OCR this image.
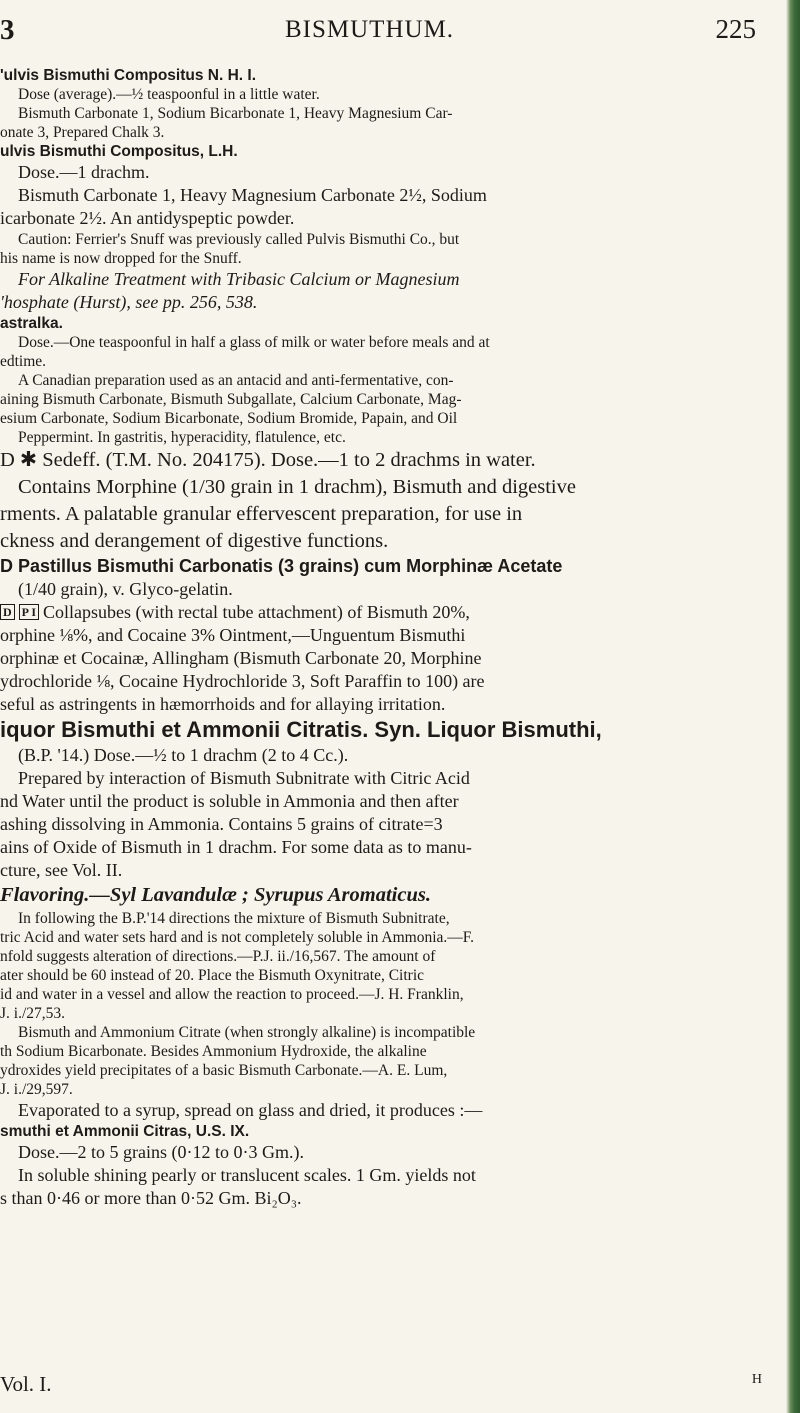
3	BISMUTHUM.	225
'ulvis Bismuthi Compositus N. H. I.
Dose (average).—½ teaspoonful in a little water.
Bismuth Carbonate 1, Sodium Bicarbonate 1, Heavy Magnesium Car-
onate 3, Prepared Chalk 3.
ulvis Bismuthi Compositus, L.H.
Dose.—1 drachm.
Bismuth Carbonate 1, Heavy Magnesium Carbonate 2½, Sodium
icarbonate 2½. An antidyspeptic powder.
Caution: Ferrier's Snuff was previously called Pulvis Bismuthi Co., but
his name is now dropped for the Snuff.
For Alkaline Treatment with Tribasic Calcium or Magnesium
'hosphate (Hurst), see pp. 256, 538.
astralka.
Dose.—One teaspoonful in half a glass of milk or water before meals and at
edtime.
A Canadian preparation used as an antacid and anti-fermentative, con-
aining Bismuth Carbonate, Bismuth Subgallate, Calcium Carbonate, Mag-
esium Carbonate, Sodium Bicarbonate, Sodium Bromide, Papain, and Oil
Peppermint. In gastritis, hyperacidity, flatulence, etc.
D ✱ Sedeff. (T.M. No. 204175). Dose.—1 to 2 drachms in water.
Contains Morphine (1/30 grain in 1 drachm), Bismuth and digestive
rments. A palatable granular effervescent preparation, for use in
ckness and derangement of digestive functions.
D Pastillus Bismuthi Carbonatis (3 grains) cum Morphinæ Acetate
(1/40 grain), v. Glyco-gelatin.
D P I Collapsubes (with rectal tube attachment) of Bismuth 20%,
orphine ⅛%, and Cocaine 3% Ointment,—Unguentum Bismuthi
orphinæ et Cocainæ, Allingham (Bismuth Carbonate 20, Morphine
ydrochloride ⅛, Cocaine Hydrochloride 3, Soft Paraffin to 100) are
seful as astringents in hæmorrhoids and for allaying irritation.
iquor Bismuthi et Ammonii Citratis. Syn. Liquor Bismuthi,
(B.P. '14.) Dose.—½ to 1 drachm (2 to 4 Cc.).
Prepared by interaction of Bismuth Subnitrate with Citric Acid
nd Water until the product is soluble in Ammonia and then after
ashing dissolving in Ammonia. Contains 5 grains of citrate=3
ains of Oxide of Bismuth in 1 drachm. For some data as to manu-
cture, see Vol. II.
Flavoring.—Syl Lavandulæ ; Syrupus Aromaticus.
In following the B.P.'14 directions the mixture of Bismuth Subnitrate,
tric Acid and water sets hard and is not completely soluble in Ammonia.—F.
nfold suggests alteration of directions.—P.J. ii./16,567. The amount of
ater should be 60 instead of 20. Place the Bismuth Oxynitrate, Citric
id and water in a vessel and allow the reaction to proceed.—J. H. Franklin,
J. i./27,53.
Bismuth and Ammonium Citrate (when strongly alkaline) is incompatible
th Sodium Bicarbonate. Besides Ammonium Hydroxide, the alkaline
ydroxides yield precipitates of a basic Bismuth Carbonate.—A. E. Lum,
J. i./29,597.
Evaporated to a syrup, spread on glass and dried, it produces :—
smuthi et Ammonii Citras, U.S. IX.
Dose.—2 to 5 grains (0·12 to 0·3 Gm.).
In soluble shining pearly or translucent scales. 1 Gm. yields not
s than 0·46 or more than 0·52 Gm. Bi₂O₃.
Vol. I.	H
